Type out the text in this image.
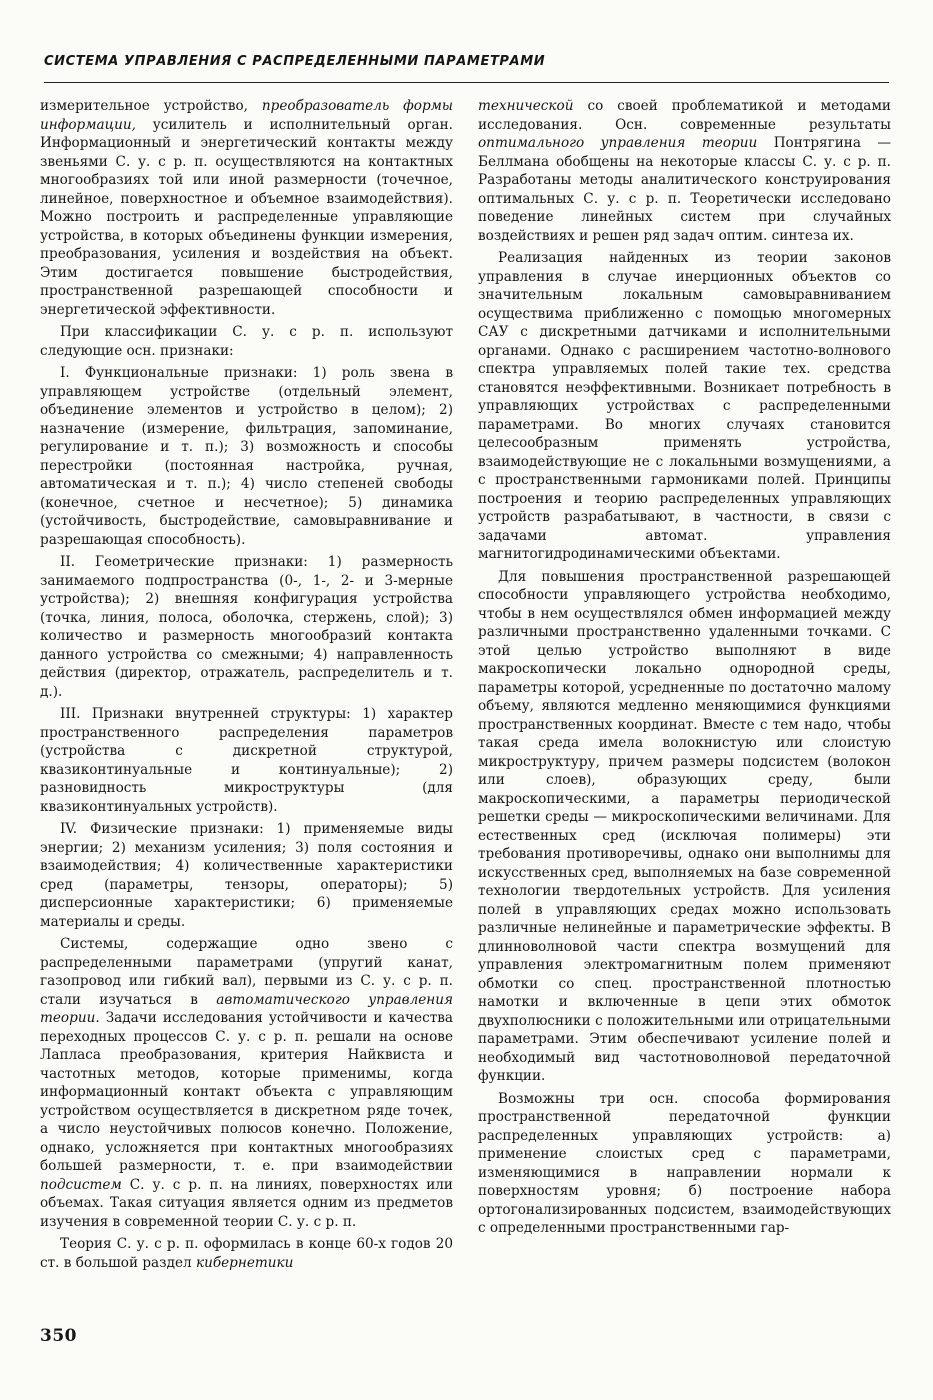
СИСТЕМА УПРАВЛЕНИЯ С РАСПРЕДЕЛЕННЫМИ ПАРАМЕТРАМИ

измерительное устройство, преобразователь формы информации, усилитель и исполнительный орган. Информационный и энергетический контакты между звеньями С. у. с р. п. осуществляются на контактных многообразиях той или иной размерности (точечное, линейное, поверхностное и объемное взаимодействия). Можно построить и распределенные управляющие устройства, в которых объединены функции измерения, преобразования, усиления и воздействия на объект. Этим достигается повышение быстродействия, пространственной разрешающей способности и энергетической эффективности.

При классификации С. у. с р. п. используют следующие осн. признаки:

I. Функциональные признаки: 1) роль звена в управляющем устройстве (отдельный элемент, объединение элементов и устройство в целом); 2) назначение (измерение, фильтрация, запоминание, регулирование и т. п.); 3) возможность и способы перестройки (постоянная настройка, ручная, автоматическая и т. п.); 4) число степеней свободы (конечное, счетное и несчетное); 5) динамика (устойчивость, быстродействие, самовыравнивание и разрешающая способность).

II. Геометрические признаки: 1) размерность занимаемого подпространства (0-, 1-, 2- и 3-мерные устройства); 2) внешняя конфигурация устройства (точка, линия, полоса, оболочка, стержень, слой); 3) количество и размерность многообразий контакта данного устройства со смежными; 4) направленность действия (директор, отражатель, распределитель и т. д.).

III. Признаки внутренней структуры: 1) характер пространственного распределения параметров (устройства с дискретной структурой, квазиконтинуальные и континуальные); 2) разновидность микроструктуры (для квазиконтинуальных устройств).

IV. Физические признаки: 1) применяемые виды энергии; 2) механизм усиления; 3) поля состояния и взаимодействия; 4) количественные характеристики сред (параметры, тензоры, операторы); 5) дисперсионные характеристики; 6) применяемые материалы и среды.

Системы, содержащие одно звено с распределенными параметрами (упругий канат, газопровод или гибкий вал), первыми из С. у. с р. п. стали изучаться в автоматического управления теории. Задачи исследования устойчивости и качества переходных процессов С. у. с р. п. решали на основе Лапласа преобразования, критерия Найквиста и частотных методов, которые применимы, когда информационный контакт объекта с управляющим устройством осуществляется в дискретном ряде точек, а число неустойчивых полюсов конечно. Положение, однако, усложняется при контактных многообразиях большей размерности, т. е. при взаимодействии подсистем С. у. с р. п. на линиях, поверхностях или объемах. Такая ситуация является одним из предметов изучения в современной теории С. у. с р. п.

Теория С. у. с р. п. оформилась в конце 60-х годов 20 ст. в большой раздел кибернетики

технической со своей проблематикой и методами исследования. Осн. современные результаты оптимального управления теории Понтрягина — Беллмана обобщены на некоторые классы С. у. с р. п. Разработаны методы аналитического конструирования оптимальных С. у. с р. п. Теоретически исследовано поведение линейных систем при случайных воздействиях и решен ряд задач оптим. синтеза их.

Реализация найденных из теории законов управления в случае инерционных объектов со значительным локальным самовыравниванием осуществима приближенно с помощью многомерных САУ с дискретными датчиками и исполнительными органами. Однако с расширением частотно-волнового спектра управляемых полей такие тех. средства становятся неэффективными. Возникает потребность в управляющих устройствах с распределенными параметрами. Во многих случаях становится целесообразным применять устройства, взаимодействующие не с локальными возмущениями, а с пространственными гармониками полей. Принципы построения и теорию распределенных управляющих устройств разрабатывают, в частности, в связи с задачами автомат. управления магнитогидродинамическими объектами.

Для повышения пространственной разрешающей способности управляющего устройства необходимо, чтобы в нем осуществлялся обмен информацией между различными пространственно удаленными точками. С этой целью устройство выполняют в виде макроскопически локально однородной среды, параметры которой, усредненные по достаточно малому объему, являются медленно меняющимися функциями пространственных координат. Вместе с тем надо, чтобы такая среда имела волокнистую или слоистую микроструктуру, причем размеры подсистем (волокон или слоев), образующих среду, были макроскопическими, а параметры периодической решетки среды — микроскопическими величинами. Для естественных сред (исключая полимеры) эти требования противоречивы, однако они выполнимы для искусственных сред, выполняемых на базе современной технологии твердотельных устройств. Для усиления полей в управляющих средах можно использовать различные нелинейные и параметрические эффекты. В длинноволновой части спектра возмущений для управления электромагнитным полем применяют обмотки со спец. пространственной плотностью намотки и включенные в цепи этих обмоток двухполюсники с положительными или отрицательными параметрами. Этим обеспечивают усиление полей и необходимый вид частотноволновой передаточной функции.

Возможны три осн. способа формирования пространственной передаточной функции распределенных управляющих устройств: а) применение слоистых сред с параметрами, изменяющимися в направлении нормали к поверхностям уровня; б) построение набора ортогонализированных подсистем, взаимодействующих с определенными пространственными гар-

350
